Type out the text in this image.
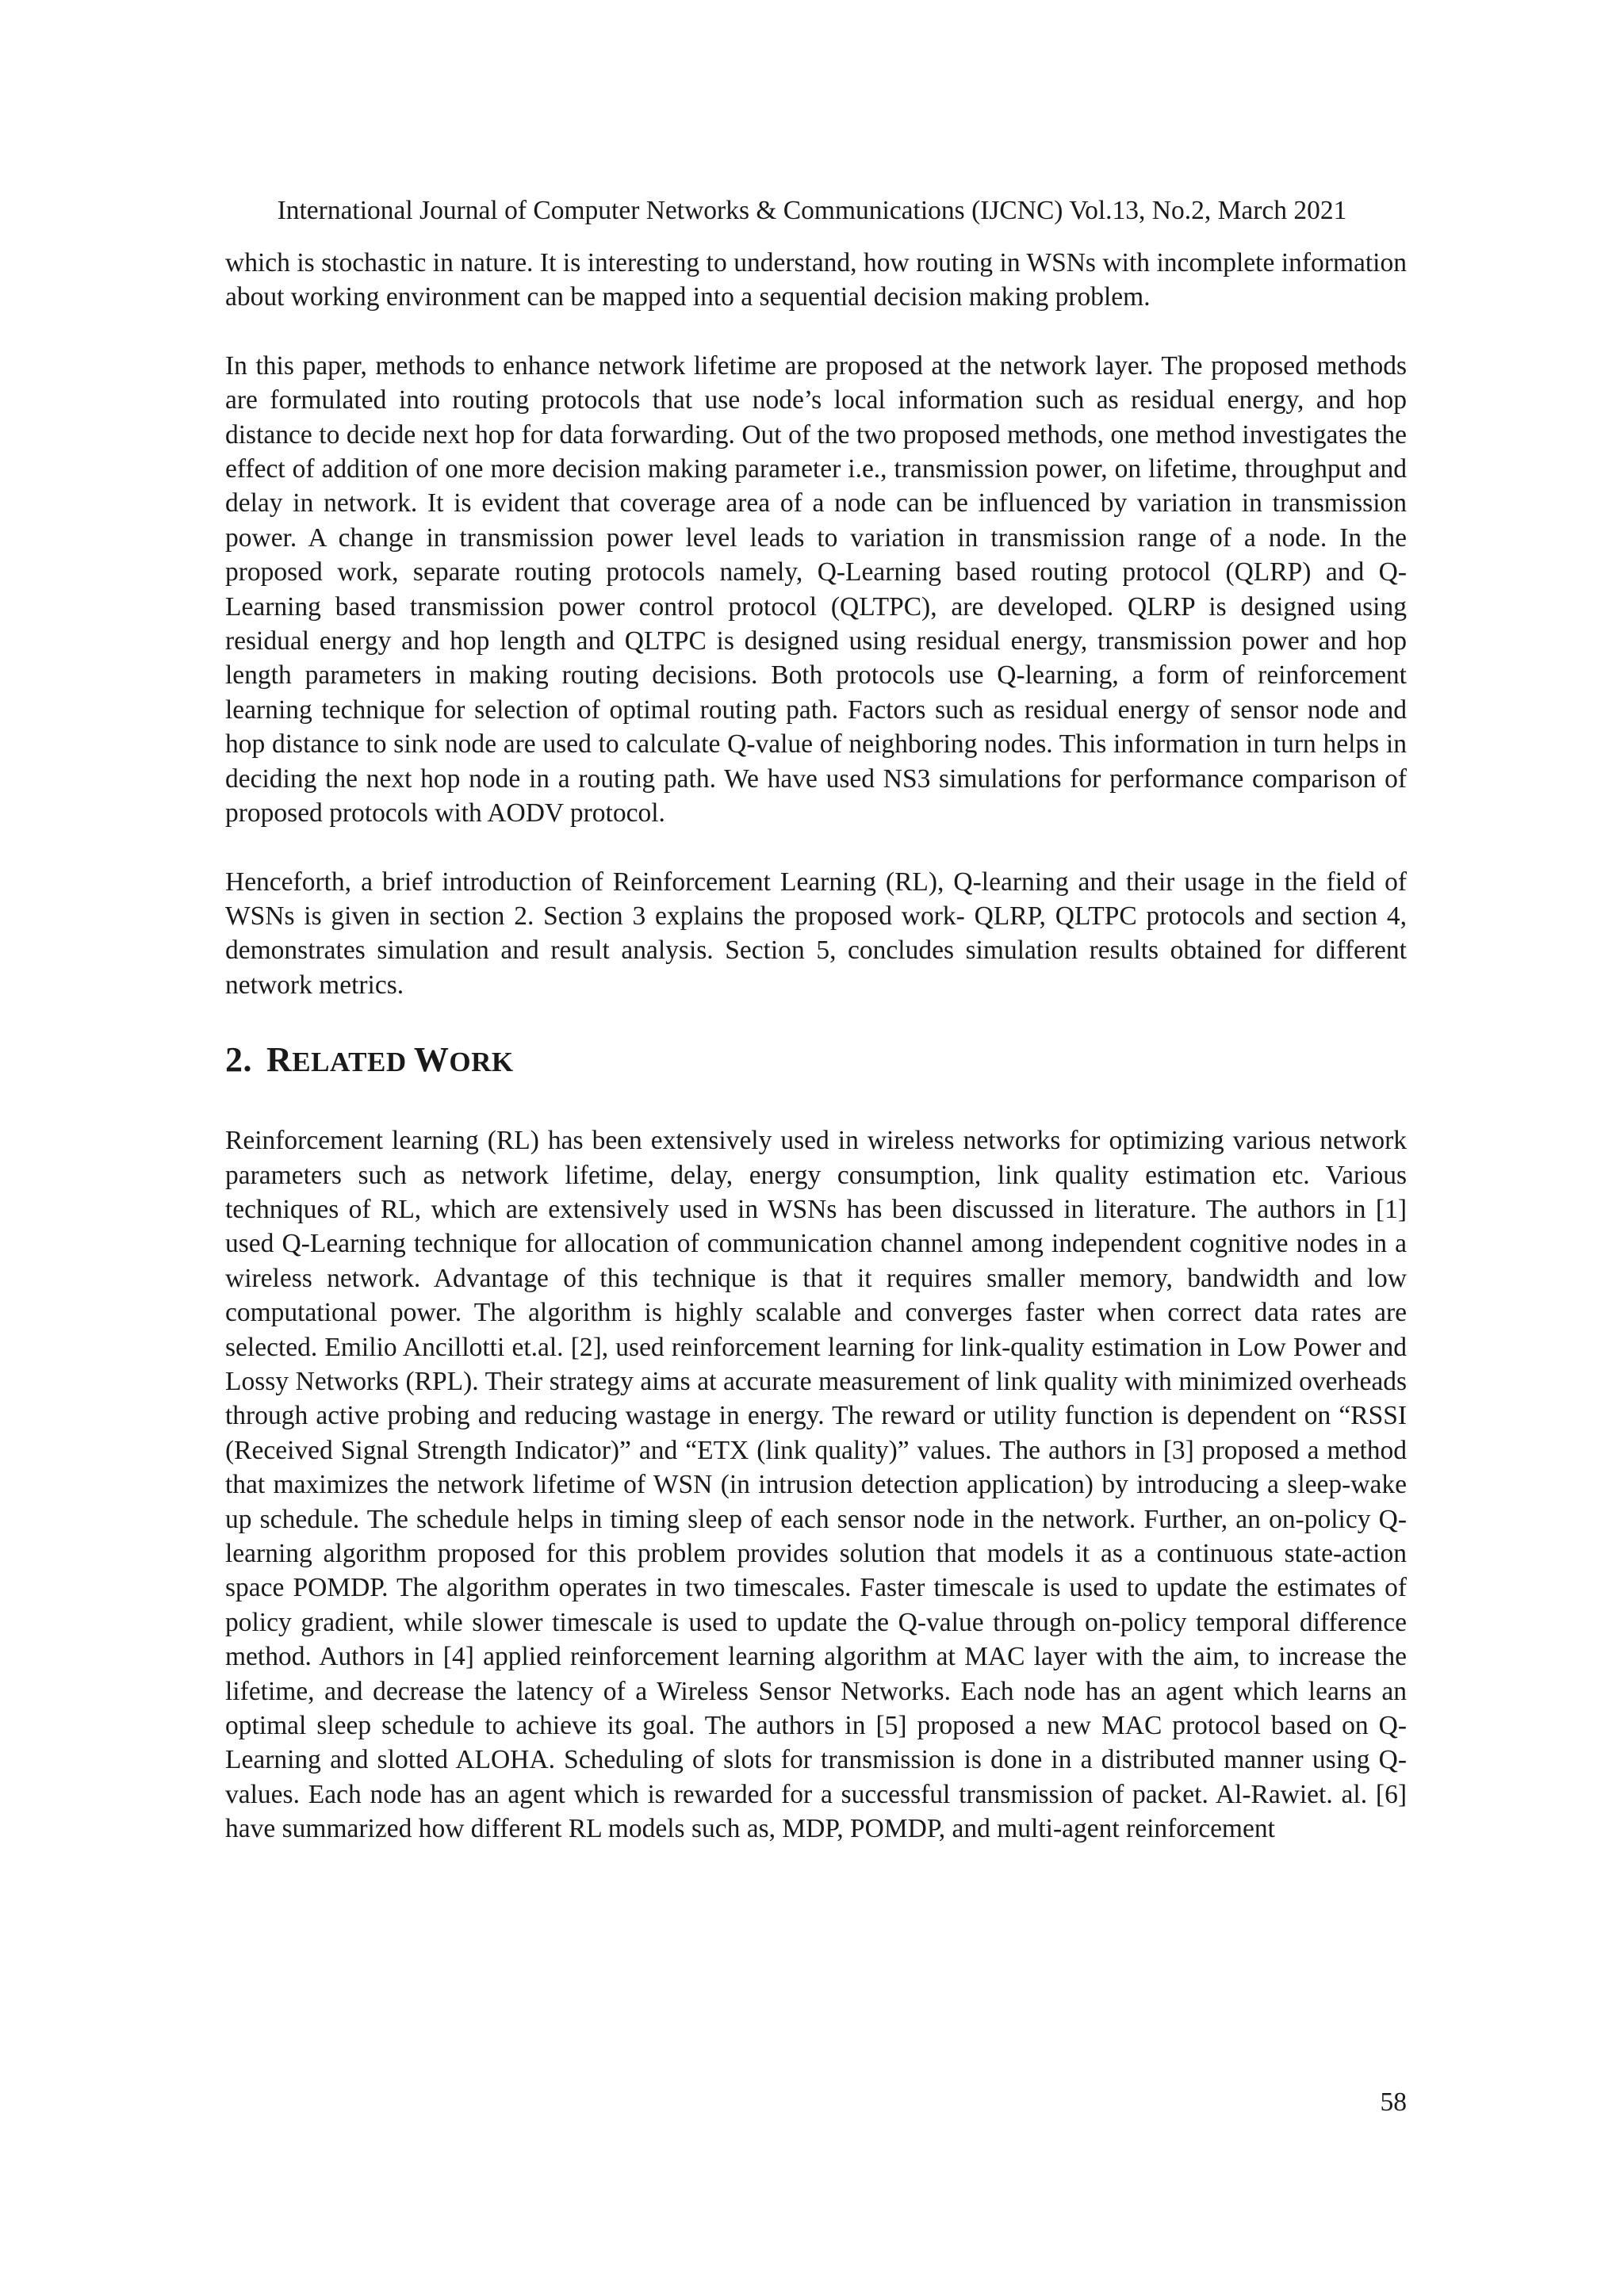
International Journal of Computer Networks & Communications (IJCNC) Vol.13, No.2, March 2021

which is stochastic in nature. It is interesting to understand, how routing in WSNs with incomplete information about working environment can be mapped into a sequential decision making problem.

In this paper, methods to enhance network lifetime are proposed at the network layer. The proposed methods are formulated into routing protocols that use node’s local information such as residual energy, and hop distance to decide next hop for data forwarding. Out of the two proposed methods, one method investigates the effect of addition of one more decision making parameter i.e., transmission power, on lifetime, throughput and delay in network. It is evident that coverage area of a node can be influenced by variation in transmission power. A change in transmission power level leads to variation in transmission range of a node. In the proposed work, separate routing protocols namely, Q-Learning based routing protocol (QLRP) and Q-Learning based transmission power control protocol (QLTPC), are developed. QLRP is designed using residual energy and hop length and QLTPC is designed using residual energy, transmission power and hop length parameters in making routing decisions. Both protocols use Q-learning, a form of reinforcement learning technique for selection of optimal routing path. Factors such as residual energy of sensor node and hop distance to sink node are used to calculate Q-value of neighboring nodes. This information in turn helps in deciding the next hop node in a routing path. We have used NS3 simulations for performance comparison of proposed protocols with AODV protocol.

Henceforth, a brief introduction of Reinforcement Learning (RL), Q-learning and their usage in the field of WSNs is given in section 2. Section 3 explains the proposed work- QLRP, QLTPC protocols and section 4, demonstrates simulation and result analysis. Section 5, concludes simulation results obtained for different network metrics.

2. RELATED WORK

Reinforcement learning (RL) has been extensively used in wireless networks for optimizing various network parameters such as network lifetime, delay, energy consumption, link quality estimation etc. Various techniques of RL, which are extensively used in WSNs has been discussed in literature. The authors in [1] used Q-Learning technique for allocation of communication channel among independent cognitive nodes in a wireless network. Advantage of this technique is that it requires smaller memory, bandwidth and low computational power. The algorithm is highly scalable and converges faster when correct data rates are selected. Emilio Ancillotti et.al. [2], used reinforcement learning for link-quality estimation in Low Power and Lossy Networks (RPL). Their strategy aims at accurate measurement of link quality with minimized overheads through active probing and reducing wastage in energy. The reward or utility function is dependent on “RSSI (Received Signal Strength Indicator)” and “ETX (link quality)” values. The authors in [3] proposed a method that maximizes the network lifetime of WSN (in intrusion detection application) by introducing a sleep-wake up schedule. The schedule helps in timing sleep of each sensor node in the network. Further, an on-policy Q-learning algorithm proposed for this problem provides solution that models it as a continuous state-action space POMDP. The algorithm operates in two timescales. Faster timescale is used to update the estimates of policy gradient, while slower timescale is used to update the Q-value through on-policy temporal difference method. Authors in [4] applied reinforcement learning algorithm at MAC layer with the aim, to increase the lifetime, and decrease the latency of a Wireless Sensor Networks. Each node has an agent which learns an optimal sleep schedule to achieve its goal. The authors in [5] proposed a new MAC protocol based on Q-Learning and slotted ALOHA. Scheduling of slots for transmission is done in a distributed manner using Q-values. Each node has an agent which is rewarded for a successful transmission of packet. Al-Rawiet. al. [6] have summarized how different RL models such as, MDP, POMDP, and multi-agent reinforcement

58
